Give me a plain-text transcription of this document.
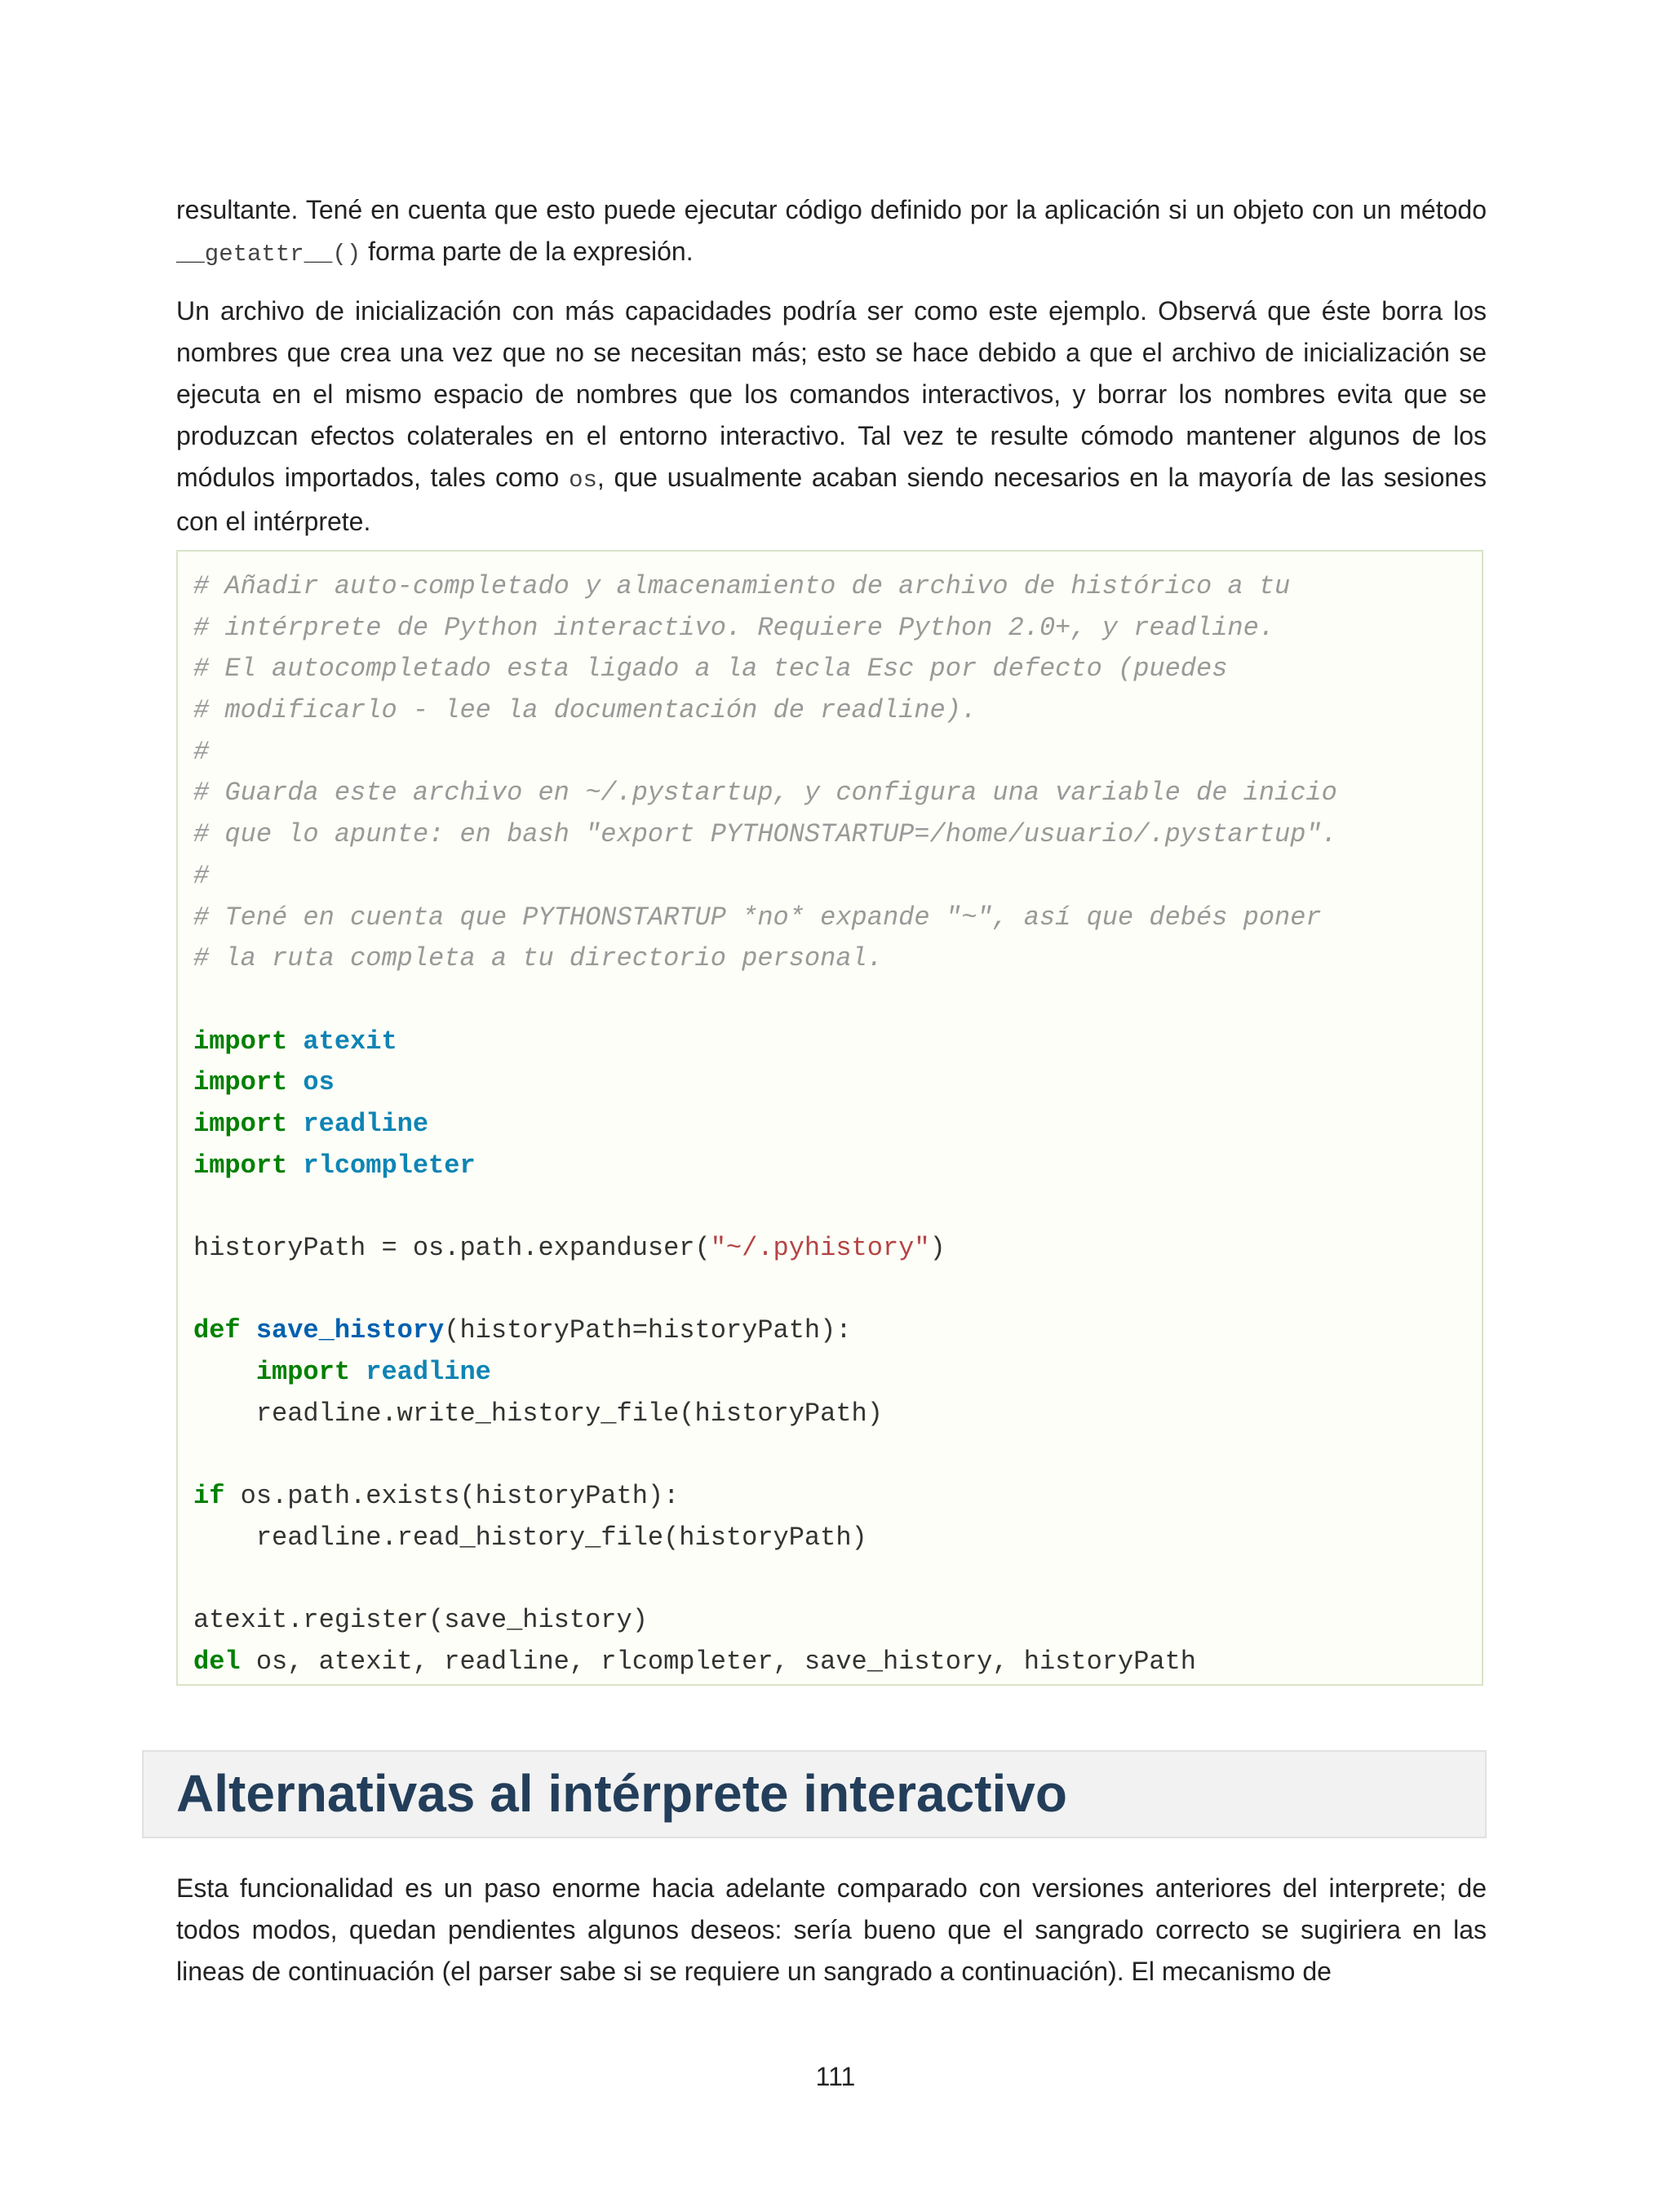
resultante. Tené en cuenta que esto puede ejecutar código definido por la aplicación si un objeto con un método __getattr__() forma parte de la expresión.

Un archivo de inicialización con más capacidades podría ser como este ejemplo. Observá que éste borra los nombres que crea una vez que no se necesitan más; esto se hace debido a que el archivo de inicialización se ejecuta en el mismo espacio de nombres que los comandos interactivos, y borrar los nombres evita que se produzcan efectos colaterales en el entorno interactivo. Tal vez te resulte cómodo mantener algunos de los módulos importados, tales como os, que usualmente acaban siendo necesarios en la mayoría de las sesiones con el intérprete.

# Añadir auto-completado y almacenamiento de archivo de histórico a tu
# intérprete de Python interactivo. Requiere Python 2.0+, y readline.
# El autocompletado esta ligado a la tecla Esc por defecto (puedes
# modificarlo - lee la documentación de readline).
#
# Guarda este archivo en ~/.pystartup, y configura una variable de inicio
# que lo apunte: en bash "export PYTHONSTARTUP=/home/usuario/.pystartup".
#
# Tené en cuenta que PYTHONSTARTUP *no* expande "~", así que debés poner
# la ruta completa a tu directorio personal.
import atexit
import os
import readline
import rlcompleter
historyPath = os.path.expanduser("~/.pyhistory")
def save_history(historyPath=historyPath):
import readline
readline.write_history_file(historyPath)
if os.path.exists(historyPath):
readline.read_history_file(historyPath)
atexit.register(save_history)
del os, atexit, readline, rlcompleter, save_history, historyPath
Alternativas al intérprete interactivo

Esta funcionalidad es un paso enorme hacia adelante comparado con versiones anteriores del interprete; de todos modos, quedan pendientes algunos deseos: sería bueno que el sangrado correcto se sugiriera en las lineas de continuación (el parser sabe si se requiere un sangrado a continuación). El mecanismo de

111
